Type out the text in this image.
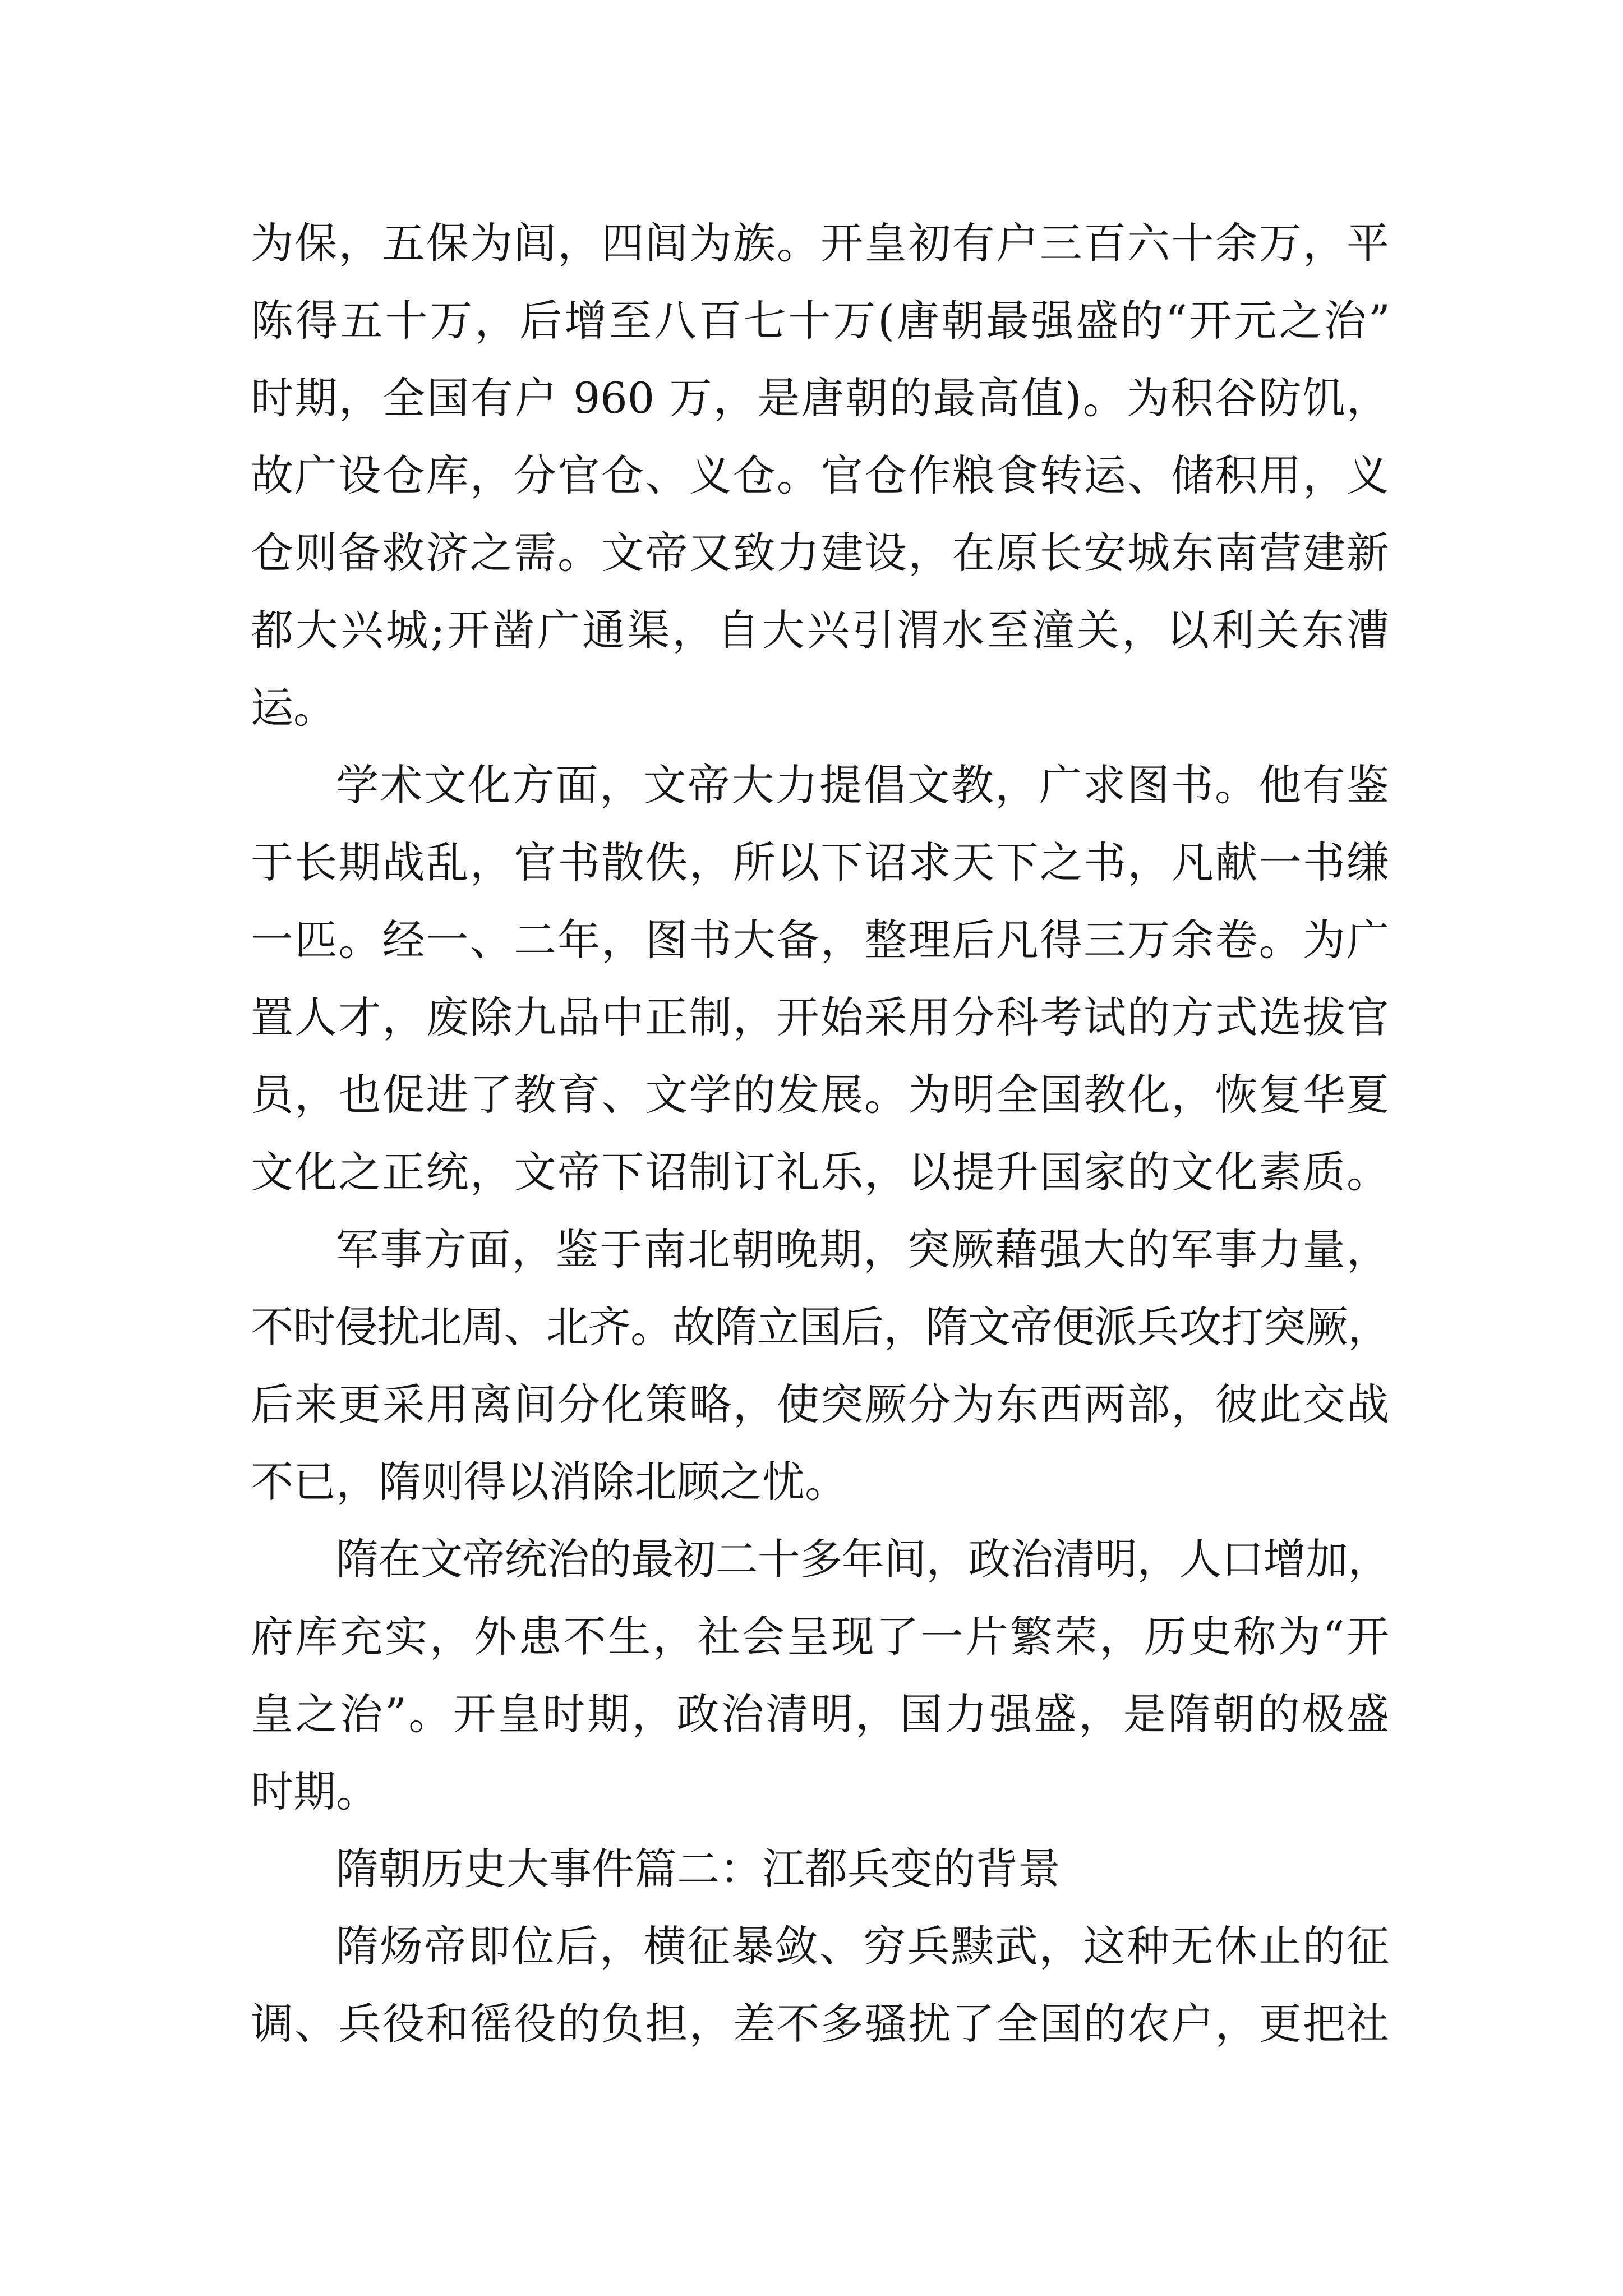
为保，五保为闾，四闾为族。开皇初有户三百六十余万，平
陈得五十万，后增至八百七十万(唐朝最强盛的“开元之治”
时期，全国有户 960 万，是唐朝的最高值)。为积谷防饥，
故广设仓库，分官仓、义仓。官仓作粮食转运、储积用，义
仓则备救济之需。文帝又致力建设，在原长安城东南营建新
都大兴城;开凿广通渠，自大兴引渭水至潼关，以利关东漕
运。
学术文化方面，文帝大力提倡文教，广求图书。他有鉴
于长期战乱，官书散佚，所以下诏求天下之书，凡献一书缣
一匹。经一、二年，图书大备，整理后凡得三万余卷。为广
置人才，废除九品中正制，开始采用分科考试的方式选拔官
员，也促进了教育、文学的发展。为明全国教化，恢复华夏
文化之正统，文帝下诏制订礼乐，以提升国家的文化素质。
军事方面，鉴于南北朝晚期，突厥藉强大的军事力量，
不时侵扰北周、北齐。故隋立国后，隋文帝便派兵攻打突厥，
后来更采用离间分化策略，使突厥分为东西两部，彼此交战
不已，隋则得以消除北顾之忧。
隋在文帝统治的最初二十多年间，政治清明，人口增加，
府库充实，外患不生，社会呈现了一片繁荣，历史称为“开
皇之治”。开皇时期，政治清明，国力强盛，是隋朝的极盛
时期。
隋朝历史大事件篇二：江都兵变的背景
隋炀帝即位后，横征暴敛、穷兵黩武，这种无休止的征
调、兵役和徭役的负担，差不多骚扰了全国的农户，更把社
